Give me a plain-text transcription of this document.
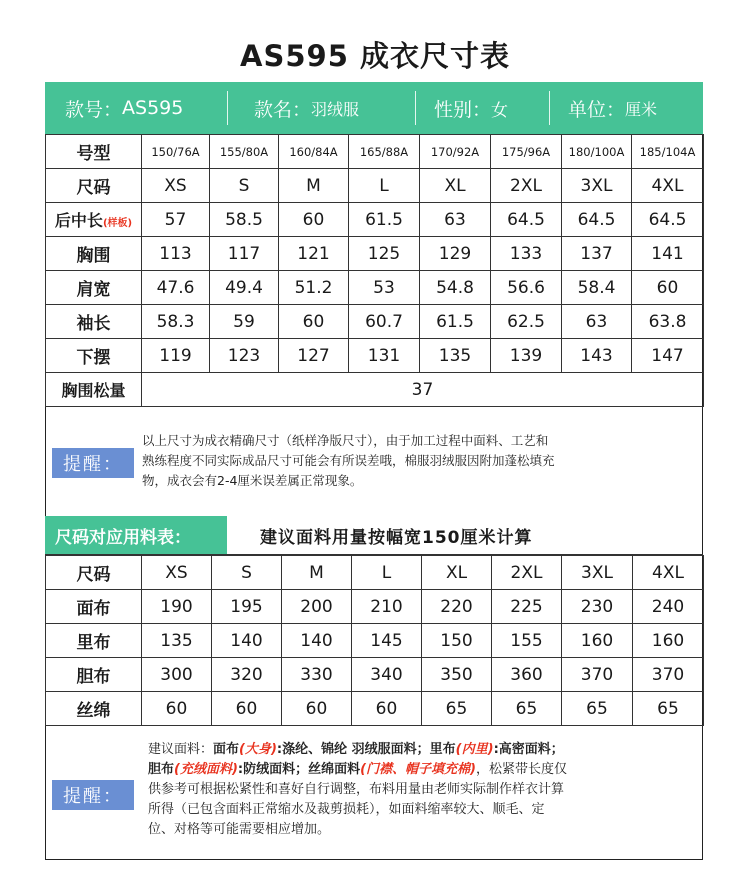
AS595 成衣尺寸表
款号： AS595	款名： 羽绒服	性别： 女	单位： 厘米
号型	150/76A	155/80A	160/84A	165/88A	170/92A	175/96A	180/100A	185/104A
尺码	XS	S	M	L	XL	2XL	3XL	4XL
后中长(样板)	57	58.5	60	61.5	63	64.5	64.5	64.5
胸围	113	117	121	125	129	133	137	141
肩宽	47.6	49.4	51.2	53	54.8	56.6	58.4	60
袖长	58.3	59	60	60.7	61.5	62.5	63	63.8
下摆	119	123	127	131	135	139	143	147
胸围松量	37							
提醒：
以上尺寸为成衣精确尺寸（纸样净版尺寸），由于加工过程中面料、工艺和
熟练程度不同实际成品尺寸可能会有所误差哦，棉服羽绒服因附加蓬松填充
物，成衣会有2-4厘米误差属正常现象。
尺码对应用料表：	建议面料用量按幅宽150厘米计算
尺码	XS	S	M	L	XL	2XL	3XL	4XL
面布	190	195	200	210	220	225	230	240
里布	135	140	140	145	150	155	160	160
胆布	300	320	330	340	350	360	370	370
丝绵	60	60	60	60	65	65	65	65
提醒：
建议面料：面布(大身):涤纶、锦纶 羽绒服面料；里布(内里):高密面料；
胆布(充绒面料):防绒面料；丝绵面料(门襟、帽子填充棉)，松紧带长度仅
供参考可根据松紧性和喜好自行调整，布料用量由老师实际制作样衣计算
所得（已包含面料正常缩水及裁剪损耗），如面料缩率较大、顺毛、定
位、对格等可能需要相应增加。
